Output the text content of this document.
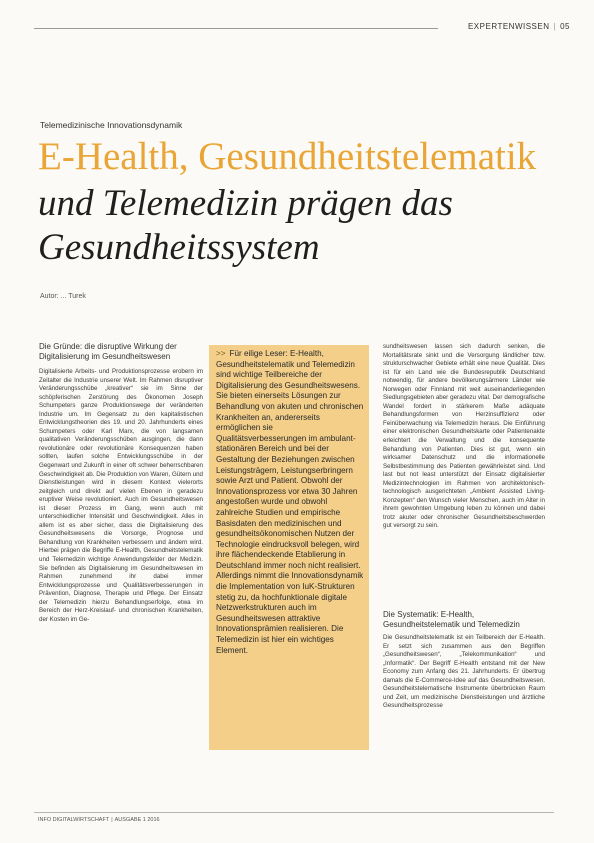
EXPERTENWISSEN | 05
Telemedizinische Innovationsdynamik
E-Health, Gesundheitstelematik
und Telemedizin prägen das Gesundheitssystem
Autor: ... Turek
Die Gründe: die disruptive Wirkung der Digitalisierung im Gesundheitswesen
Digitalisierte Arbeits- und Produktionsprozesse erobern im Zeitalter die Industrie unserer Welt. Im Rahmen disruptiver Veränderungsschübe „kreativer“ sie im Sinne der schöpferischen Zerstörung des Ökonomen Joseph Schumpeters ganze Produktionswege der veränderten Industrie um. Im Gegensatz zu den kapitalistischen Entwicklungstheorien des 19. und 20. Jahrhunderts eines Schumpeters oder Karl Marx, die von langsamen qualitativen Veränderungsschüben ausgingen, die dann revolutionäre oder revolutionäre Konsequenzen haben sollten, laufen solche Entwicklungsschübe in der Gegenwart und Zukunft in einer oft schwer beherrschbaren Geschwindigkeit ab. Die Produktion von Waren, Gütern und Dienstleistungen wird in diesem Kontext vielerorts zeitgleich und direkt auf vielen Ebenen in geradezu eruptiver Weise revolutioniert. Auch im Gesundheitswesen ist dieser Prozess im Gang, wenn auch mit unterschiedlicher Intensität und Geschwindigkeit. Alles in allem ist es aber sicher, dass die Digitalisierung des Gesundheitswesens die Vorsorge, Prognose und Behandlung von Krankheiten verbessern und ändern wird. Hierbei prägen die Begriffe E-Health, Gesundheitstelematik und Telemedizin wichtige Anwendungsfelder der Medizin. Sie befinden als Digitalisierung im Gesundheitswesen im Rahmen zunehmend ihr dabei immer Entwicklungsprozesse und Qualitätsverbesserungen in Prävention, Diagnose, Therapie und Pflege. Der Einsatz der Telemedizin hierzu Behandlungserfolge, etwa im Bereich der Herz-Kreislauf- und chronischen Krankheiten, der Kosten im Ge-
>> Für eilige Leser: E-Health, Gesundheitstelematik und Telemedizin sind wichtige Teilbereiche der Digitalisierung des Gesundheitswesens. Sie bieten einerseits Lösungen zur Behandlung von akuten und chronischen Krankheiten an, andererseits ermöglichen sie Qualitätsverbesserungen im ambulant-stationären Bereich und bei der Gestaltung der Beziehungen zwischen Leistungsträgern, Leistungserbringern sowie Arzt und Patient. Obwohl der Innovationsprozess vor etwa 30 Jahren angestoßen wurde und obwohl zahlreiche Studien und empirische Basisdaten den medizinischen und gesundheitsökonomischen Nutzen der Technologie eindrucksvoll belegen, wird ihre flächendeckende Etablierung in Deutschland immer noch nicht realisiert. Allerdings nimmt die Innovationsdynamik die Implementation von IuK-Strukturen stetig zu, da hochfunktionale digitale Netzwerkstrukturen auch im Gesundheitswesen attraktive Innovationsprämien realisieren. Die Telemedizin ist hier ein wichtiges Element.
sundheitswesen lassen sich dadurch senken, die Mortalitätsrate sinkt und die Versorgung ländlicher bzw. strukturschwacher Gebiete erhält eine neue Qualität. Dies ist für ein Land wie die Bundesrepublik Deutschland notwendig, für andere bevölkerungsärmere Länder wie Norwegen oder Finnland mit weit auseinanderliegenden Siedlungsgebieten aber geradezu vital. Der demografische Wandel fordert in stärkerem Maße adäquate Behandlungsformen von Herzinsuffizienz oder Feinüberwachung via Telemedizin heraus. Die Einführung einer elektronischen Gesundheitskarte oder Patientenakte erleichtert die Verwaltung und die konsequente Behandlung von Patienten. Dies ist gut, wenn ein wirksamer Datenschutz und die informationelle Selbstbestimmung des Patienten gewährleistet sind. Und last but not least unterstützt der Einsatz digitalisierter Medizintechnologien im Rahmen von architektonisch-technologisch ausgerichteten „Ambient Assisted Living-Konzepten“ den Wunsch vieler Menschen, auch im Alter in ihrem gewohnten Umgebung leben zu können und dabei trotz akuter oder chronischer Gesundheitsbeschwerden gut versorgt zu sein.
Die Systematik: E-Health, Gesundheitstelematik und Telemedizin
Die Gesundheitstelematik ist ein Teilbereich der E-Health. Er setzt sich zusammen aus den Begriffen „Gesundheitswesen“, „Telekommunikation“ und „Informatik“. Der Begriff E-Health entstand mit der New Economy zum Anfang des 21. Jahrhunderts. Er übertrug damals die E-Commerce-Idee auf das Gesundheitswesen. Gesundheitstelematische Instrumente überbrücken Raum und Zeit, um medizinische Dienstleistungen und ärztliche Gesundheitsprozesse
INFO DIGITALWIRTSCHAFT | AUSGABE 1 2016
